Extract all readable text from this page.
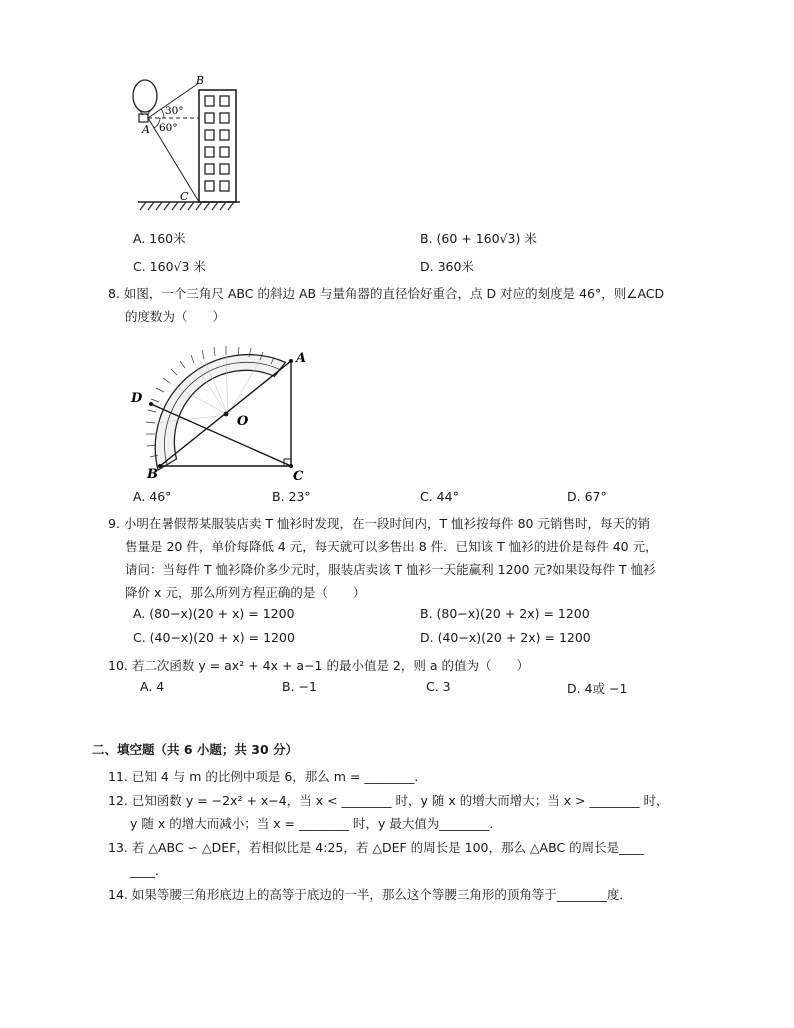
B
A
C
30°
60°
A. 160米	B. (60 + 160√3) 米
C. 160√3 米	D. 360米
8. 如图，一个三角尺 ABC 的斜边 AB 与量角器的直径恰好重合，点 D 对应的刻度是 46°，则∠ACD
的度数为（　　）
A
B	C
D
O
A. 46°	B. 23°	C. 44°	D. 67°
9. 小明在暑假帮某服装店卖 T 恤衫时发现，在一段时间内，T 恤衫按每件 80 元销售时，每天的销
售量是 20 件，单价每降低 4 元，每天就可以多售出 8 件．已知该 T 恤衫的进价是每件 40 元，
请问：当每件 T 恤衫降价多少元时，服装店卖该 T 恤衫一天能赢利 1200 元?如果设每件 T 恤衫
降价 x 元，那么所列方程正确的是（　　）
A. (80−x)(20 + x) = 1200	B. (80−x)(20 + 2x) = 1200
C. (40−x)(20 + x) = 1200	D. (40−x)(20 + 2x) = 1200
10. 若二次函数 y = ax² + 4x + a−1 的最小值是 2，则 a 的值为（　　）
A. 4	B. −1	C. 3	D. 4或 −1
二、填空题（共 6 小题；共 30 分）
11. 已知 4 与 m 的比例中项是 6，那么 m = ________．
12. 已知函数 y = −2x² + x−4，当 x < ________ 时，y 随 x 的增大而增大；当 x > ________ 时，
y 随 x 的增大而减小；当 x = ________ 时，y 最大值为________．
13. 若 △ABC ∽ △DEF，若相似比是 4:25，若 △DEF 的周长是 100，那么 △ABC 的周长是____
____．
14. 如果等腰三角形底边上的高等于底边的一半，那么这个等腰三角形的顶角等于________度．
